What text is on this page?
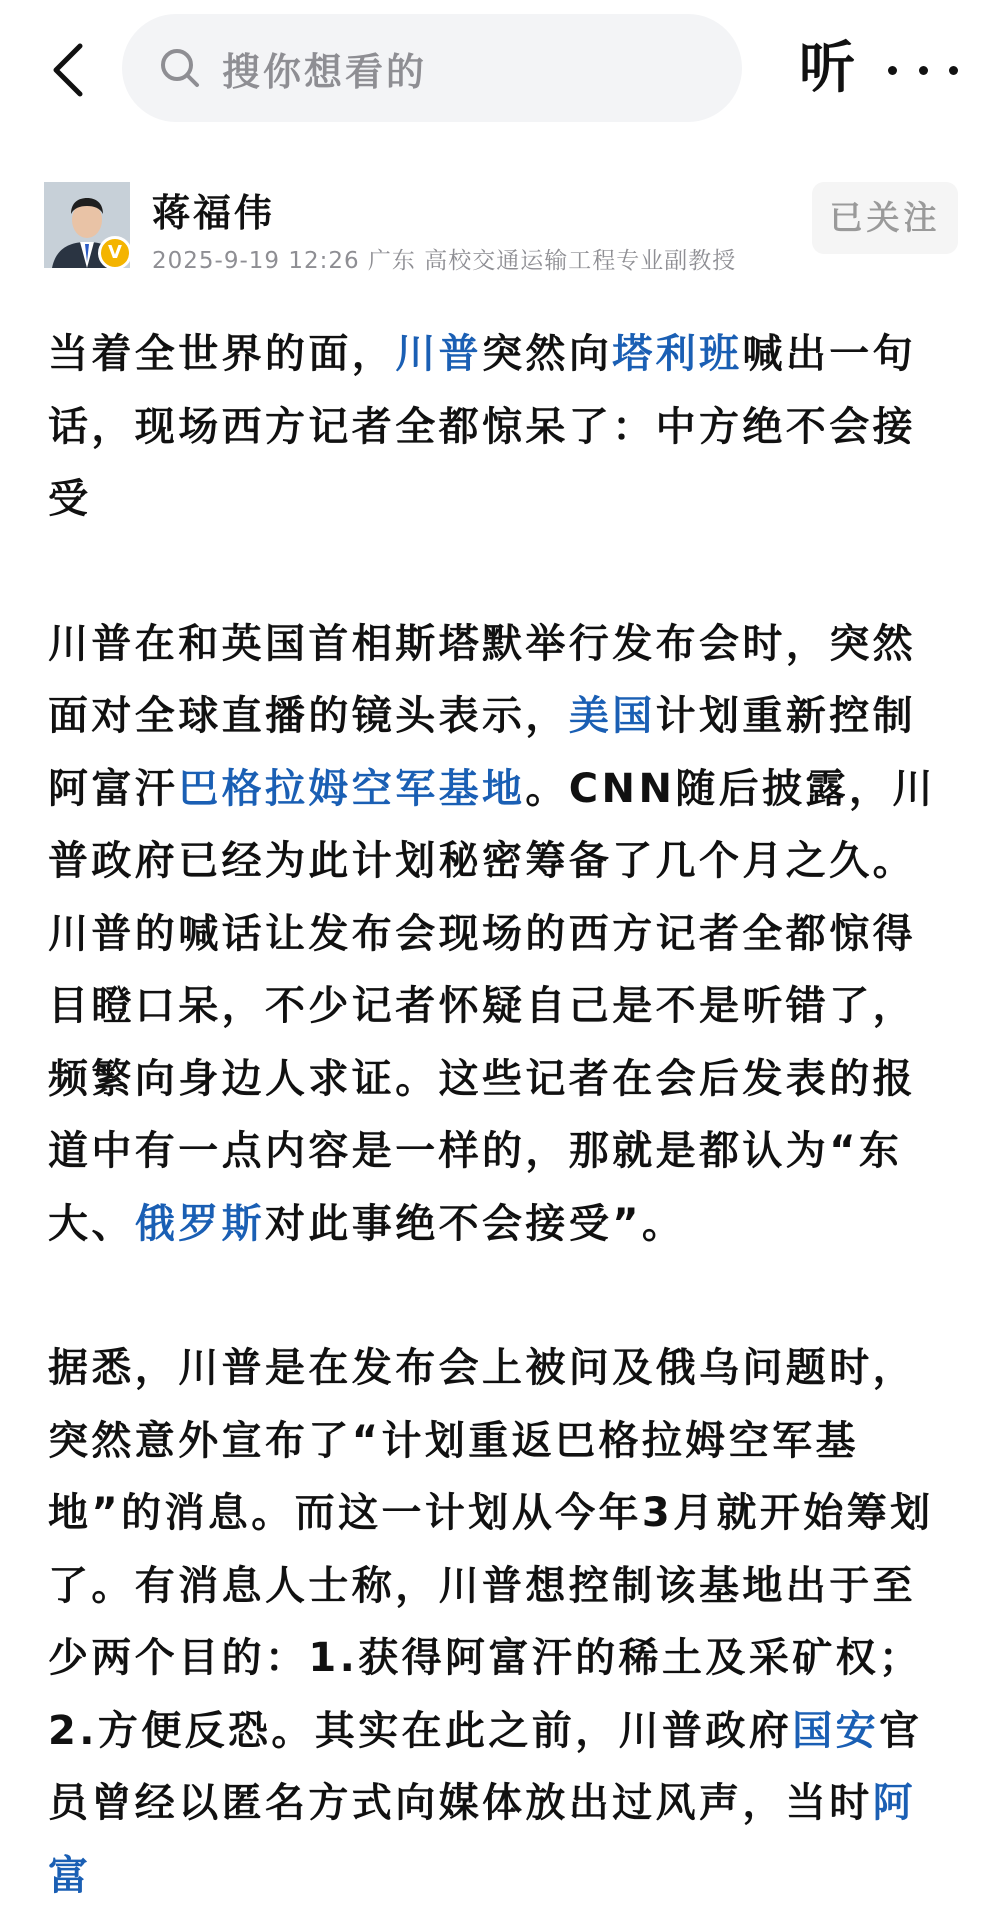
搜你想看的	听
V
蒋福伟
2025-9-19 12:26 广东 高校交通运输工程专业副教授
已关注

当着全世界的面，川普突然向塔利班喊出一句话，现场西方记者全都惊呆了：中方绝不会接受

川普在和英国首相斯塔默举行发布会时，突然面对全球直播的镜头表示，美国计划重新控制阿富汗巴格拉姆空军基地。CNN随后披露，川普政府已经为此计划秘密筹备了几个月之久。川普的喊话让发布会现场的西方记者全都惊得目瞪口呆，不少记者怀疑自己是不是听错了，频繁向身边人求证。这些记者在会后发表的报道中有一点内容是一样的，那就是都认为“东大、俄罗斯对此事绝不会接受”。

据悉，川普是在发布会上被问及俄乌问题时，突然意外宣布了“计划重返巴格拉姆空军基地”的消息。而这一计划从今年3月就开始筹划了。有消息人士称，川普想控制该基地出于至少两个目的：1.获得阿富汗的稀土及采矿权；2.方便反恐。其实在此之前，川普政府国安官员曾经以匿名方式向媒体放出过风声，当时阿富
